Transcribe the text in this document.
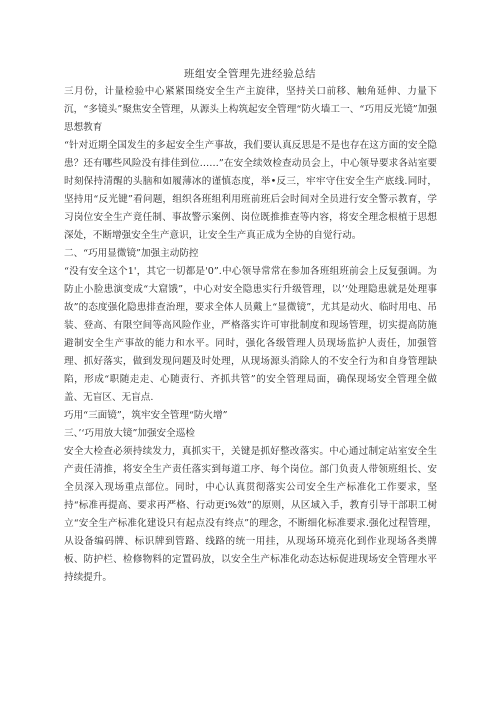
班组安全管理先进经验总结

三月份，计量检验中心紧紧围绕安全生产主旋律，坚持关口前移、触角延伸、力量下沉，“多镜头”聚焦安全管理，从源头上构筑起安全管理“防火墙工一、“巧用反光镜”加强思想教育

“针对近期全国发生的多起安全生产事故，我们要认真反思是不是也存在这方面的安全隐患？还有哪些风险没有排佳到位……”在安全续效检查动员会上，中心领导要求各站室要时刻保持清醒的头脑和如履薄冰的谨慎态度，举•反三，牢牢守住安全生产底线.同时，坚持用“反光键”看问题，组织各班组利用班前班后会时间对全员进行安全警示教育，学习岗位安全生产竟任制、事故警示案例、岗位既推推查等内容，将安全理念根植于思想深处，不断增强安全生产意识，让安全生产真正成为全协的自觉行动。

二、“巧用显微镜”加强主动防控

“没有安全这个1'，其它一切都是'0”.中心领导常常在参加各班组班前会上反复强调。为防止小脸患演变成“大窟饿”，中心对安全隐患实行升级管理，以’‘处理隐患就是处理事故”的态度强化隐患排查治理，要求全体人员戴上“显微镜”，尤其是动火、临时用电、吊装、登高、有限空间等高风险作业，严格落实许可审批制度和现场管理，切实提高防施避制安全生产事故的能力和水平。同时，强化各级管理人员现场监护人责任，加强管理、抓好落实，做到发现问题及时处理，从现场源头消除人的不安全行为和自身管理缺陷，形成“职随走走、心随责行、齐抓共管”的安全管理局面，确保现场安全管理全做盖、无盲区、无盲点.

巧用“三面镜”，筑牢安全管理“防火增”

三、’‘巧用放大镜”加强安全巡检

安全大检查必须持续发力，真抓实干，关键是抓好整改落实。中心通过制定站室安全生产责任清推，将安全生产责任落实到每道工序、每个岗位。部门负责人带领班组长、安全员深入现场重点部位。同时，中心认真贯彻落实公司安全生产标准化工作要求，坚持“标准再提高、要求再严格、行动更i%效”的原则，从区域入手，教育引导干部职工树立“安全生产标准化建设只有起点没有终点”的理念，不断细化标准要求.强化过程管理，从设备编码牌、标识牌到管路、线路的统一用挂，从现场环境亮化到作业现场各类牌板、防护栏、检修物料的定置码放，以安全生产标准化动态达标促进现场安全管理水平持续提升。
